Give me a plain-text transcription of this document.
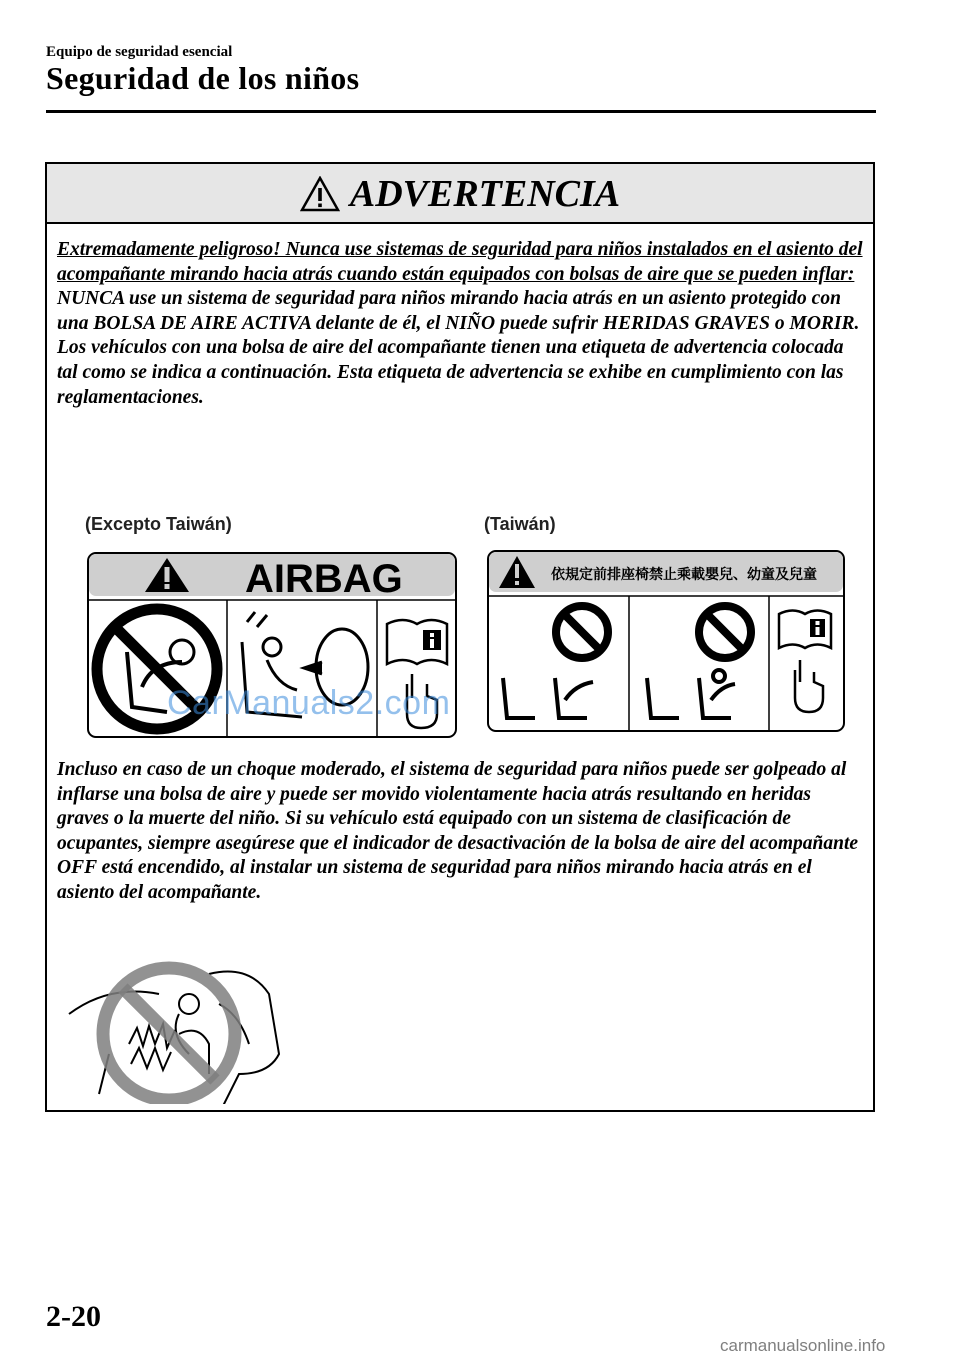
Equipo de seguridad esencial
Seguridad de los niños
ADVERTENCIA
Extremadamente peligroso! Nunca use sistemas de seguridad para niños instalados en el asiento del acompañante mirando hacia atrás cuando están equipados con bolsas de aire que se pueden inflar:
NUNCA use un sistema de seguridad para niños mirando hacia atrás en un asiento protegido con una BOLSA DE AIRE ACTIVA delante de él, el NIÑO puede sufrir HERIDAS GRAVES o MORIR.
Los vehículos con una bolsa de aire del acompañante tienen una etiqueta de advertencia colocada tal como se indica a continuación. Esta etiqueta de advertencia se exhibe en cumplimiento con las reglamentaciones.
(Excepto Taiwán)	(Taiwán)
AIRBAG	依規定前排座椅禁止乘載嬰兒、幼童及兒童
CarManuals2.com
Incluso en caso de un choque moderado, el sistema de seguridad para niños puede ser golpeado al inflarse una bolsa de aire y puede ser movido violentamente hacia atrás resultando en heridas graves o la muerte del niño. Si su vehículo está equipado con un sistema de clasificación de ocupantes, siempre asegúrese que el indicador de desactivación de la bolsa de aire del acompañante OFF está encendido, al instalar un sistema de seguridad para niños mirando hacia atrás en el asiento del acompañante.
2-20
carmanualsonline.info
